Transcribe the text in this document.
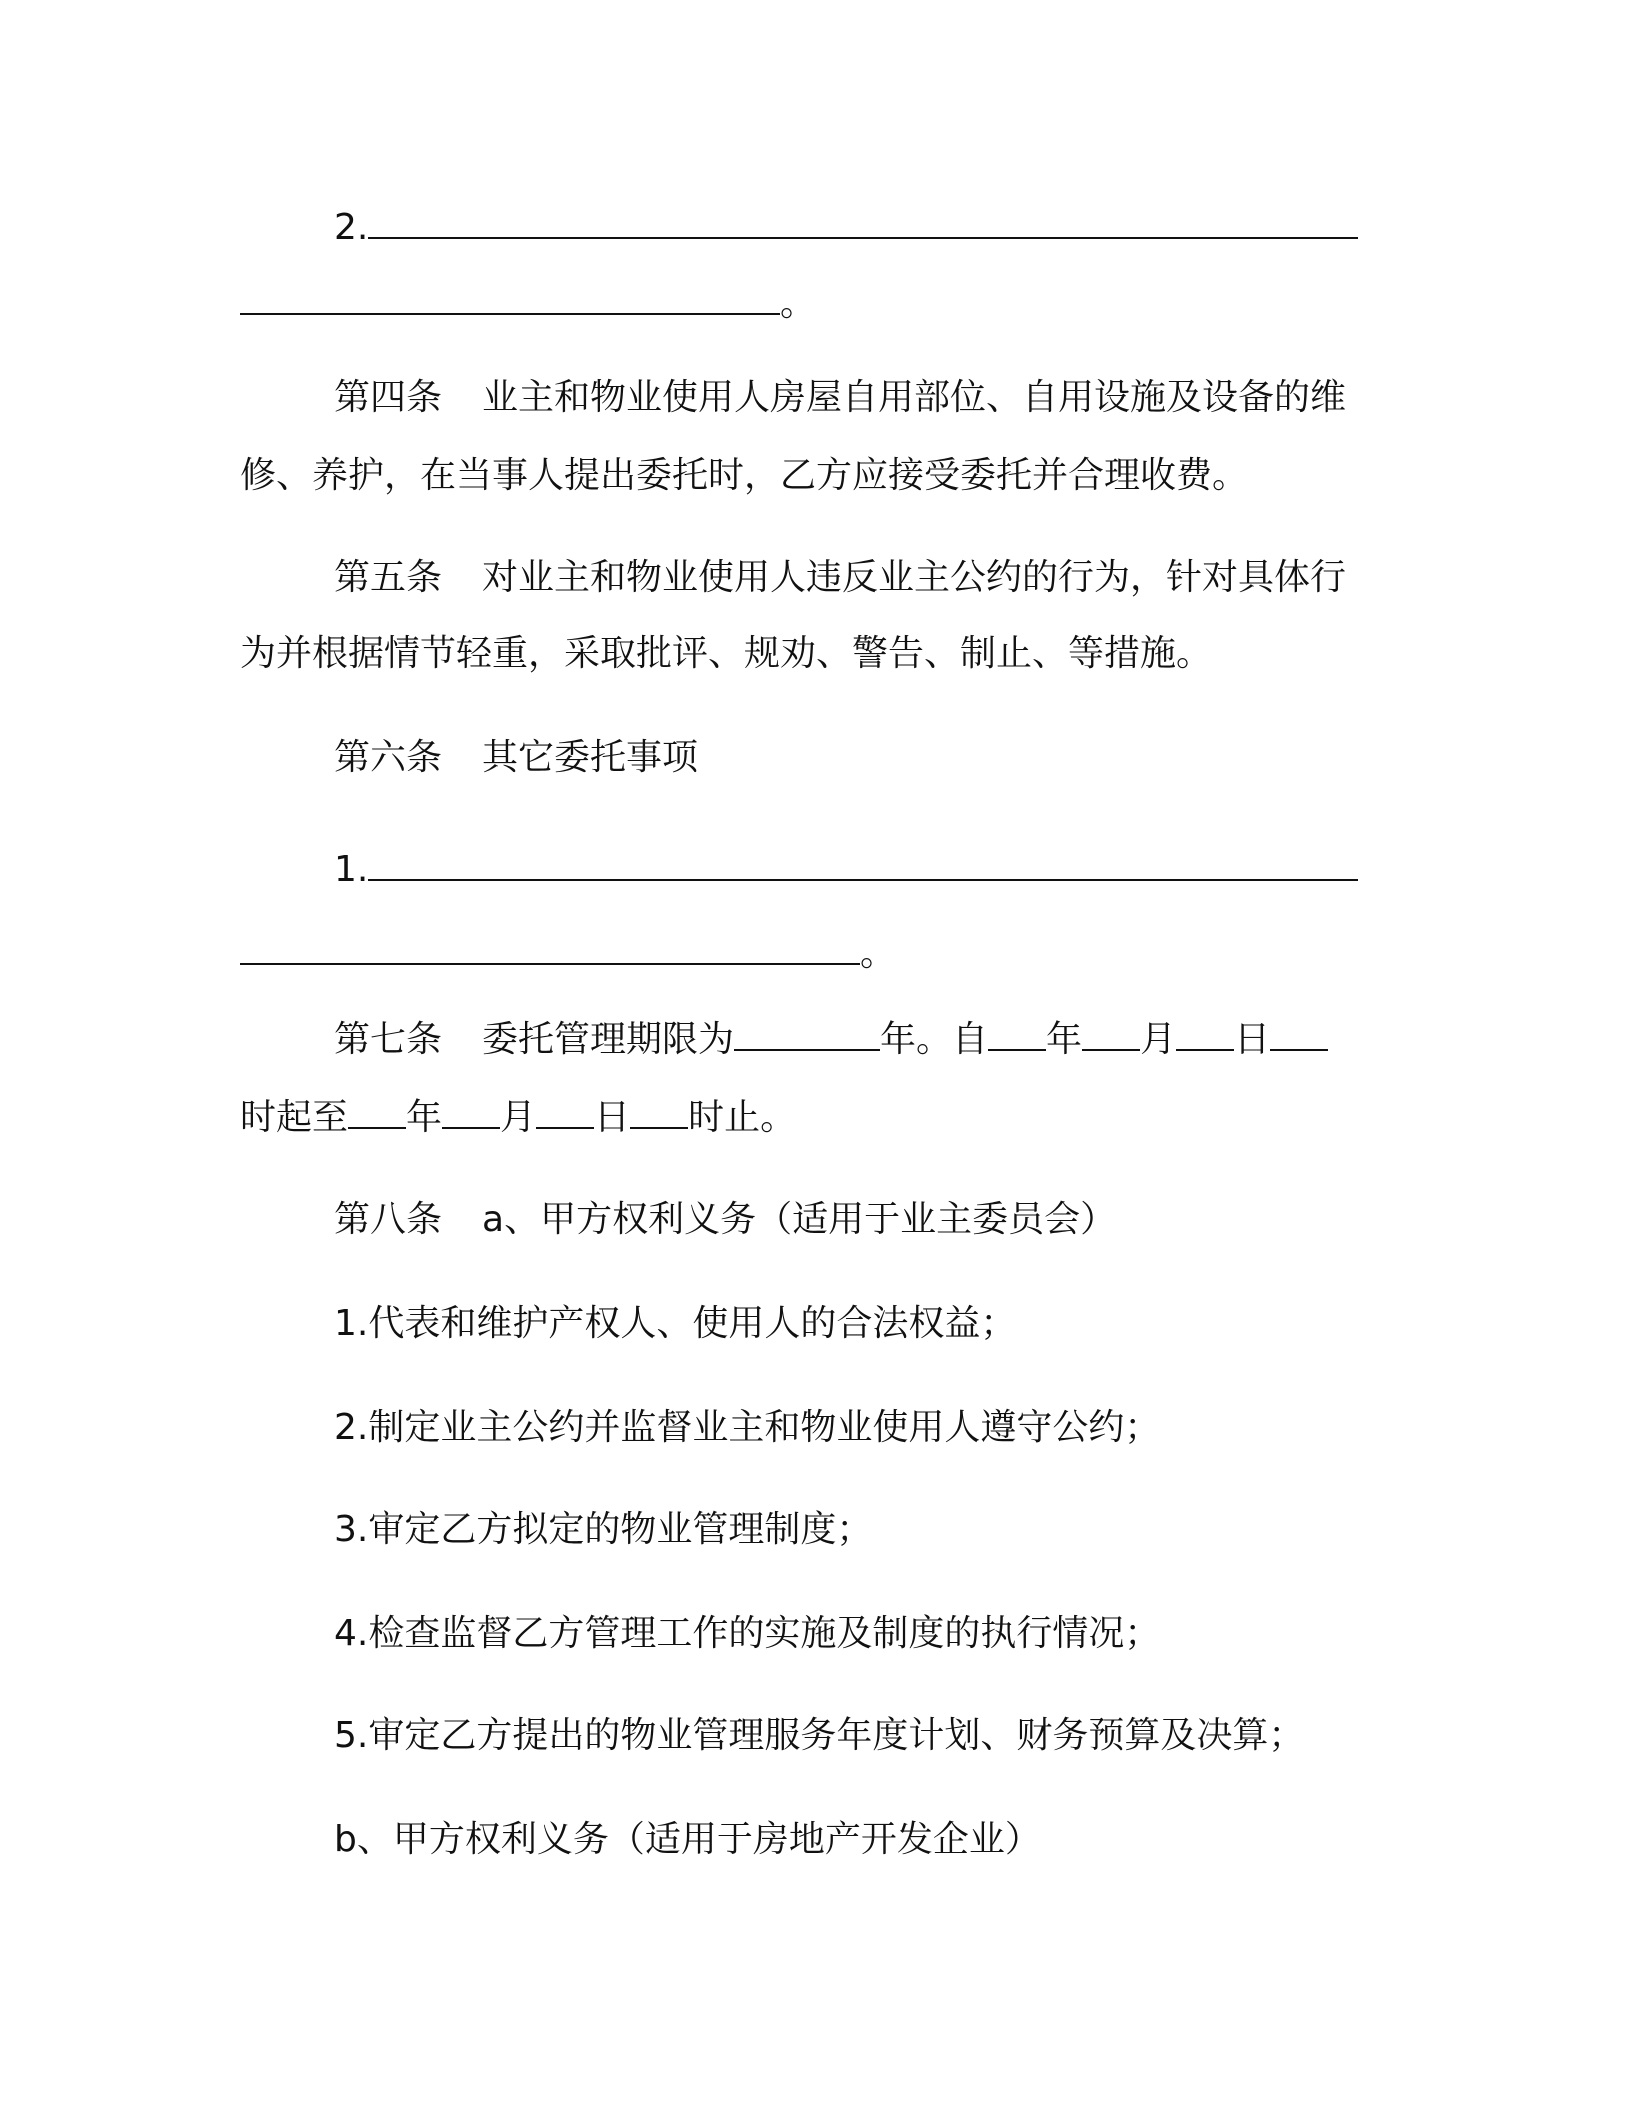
2.
。
第四条 业主和物业使用人房屋自用部位、自用设施及设备的维
修、养护，在当事人提出委托时，乙方应接受委托并合理收费。
第五条 对业主和物业使用人违反业主公约的行为，针对具体行
为并根据情节轻重，采取批评、规劝、警告、制止、等措施。
第六条 其它委托事项
1.
。
第七条 委托管理期限为	年。自 年 月 日
时起至 年 月 日 时止。
第八条 a、甲方权利义务（适用于业主委员会）
1.代表和维护产权人、使用人的合法权益；
2.制定业主公约并监督业主和物业使用人遵守公约；
3.审定乙方拟定的物业管理制度；
4.检查监督乙方管理工作的实施及制度的执行情况；
5.审定乙方提出的物业管理服务年度计划、财务预算及决算；
b、甲方权利义务（适用于房地产开发企业）
